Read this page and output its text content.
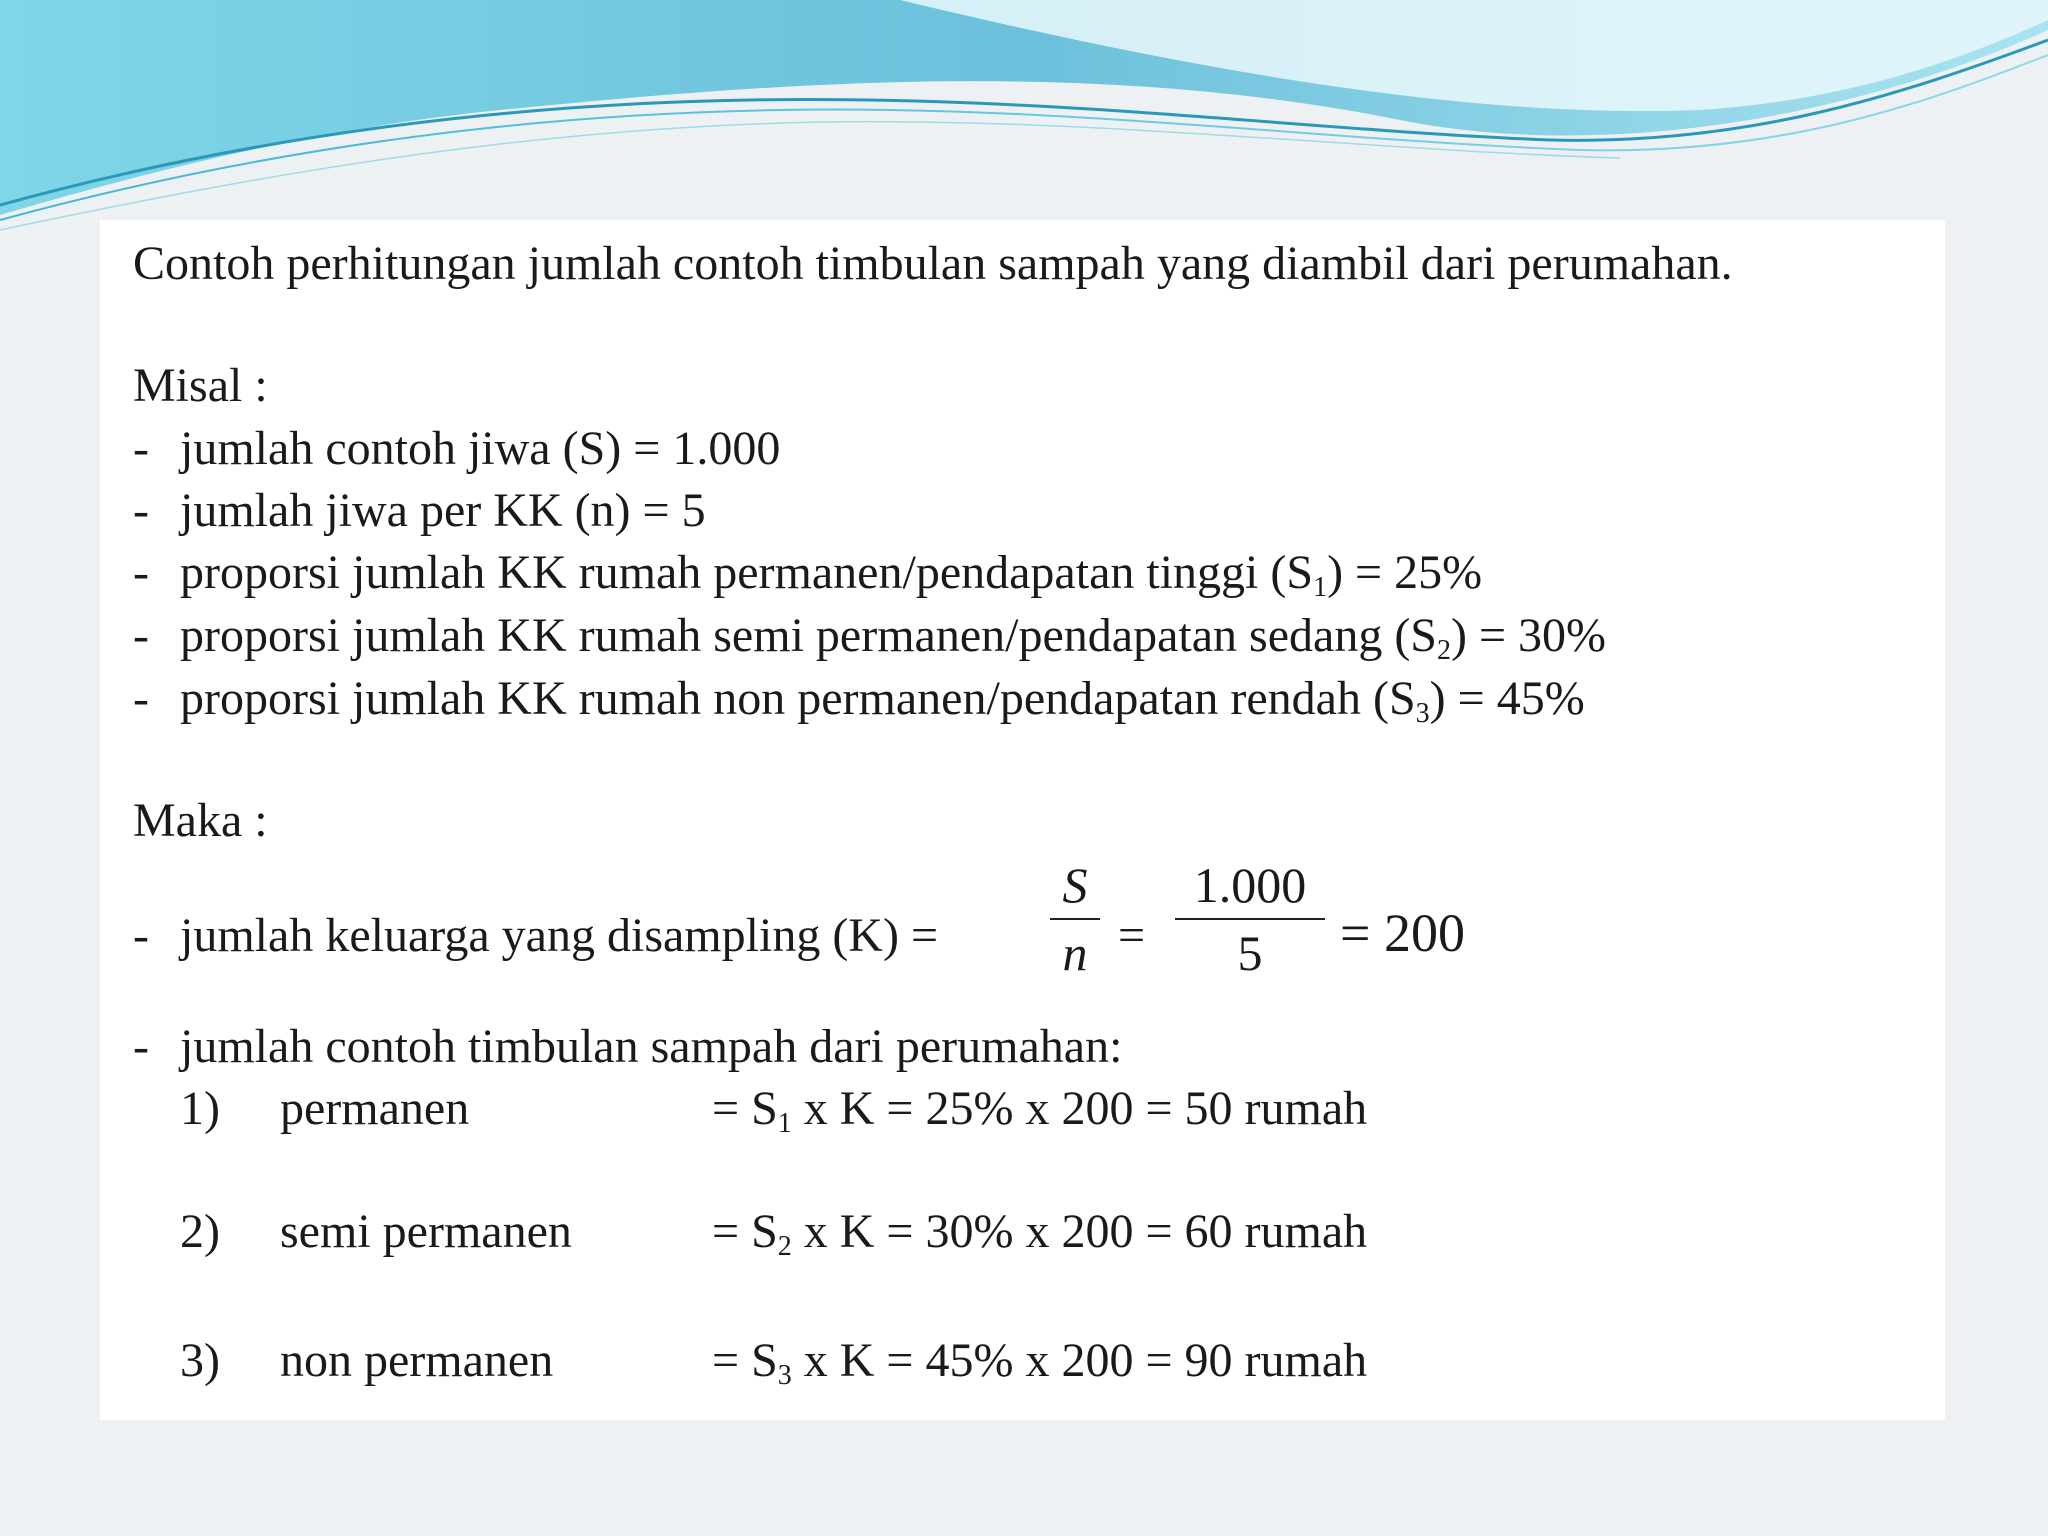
Contoh perhitungan jumlah contoh timbulan sampah yang diambil dari perumahan.
Misal :
- jumlah contoh jiwa (S) = 1.000
- jumlah jiwa per KK (n) = 5
- proporsi jumlah KK rumah permanen/pendapatan tinggi $(S_1) = 25\%$
- proporsi jumlah KK rumah semi permanen/pendapatan sedang $(S_2) = 30\%$
- proporsi jumlah KK rumah non permanen/pendapatan rendah $(S_3) = 45\%$
Maka :
- jumlah keluarga yang disampling (K) =
S
n =
1.000
5	= 200
- jumlah contoh timbulan sampah dari perumahan:
1) permanen	= $S_1$ x K = 25% x 200 = 50 rumah
2) semi permanen	= $S_2$ x K = 30% x 200 = 60 rumah
3) non permanen	= $S_3$ x K = 45% x 200 = 90 rumah
